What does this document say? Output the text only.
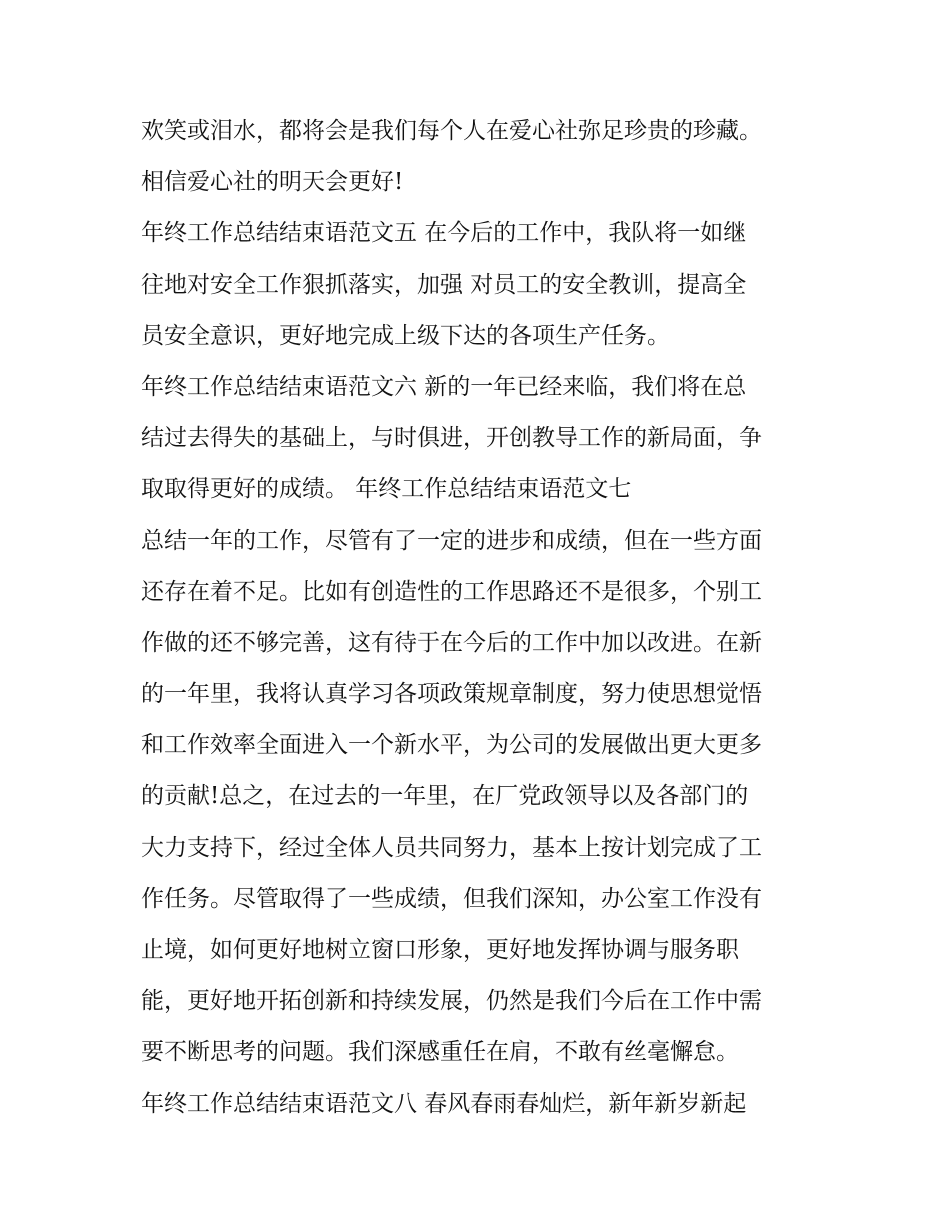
欢笑或泪水，都将会是我们每个人在爱心社弥足珍贵的珍藏。
相信爱心社的明天会更好!
年终工作总结结束语范文五 在今后的工作中，我队将一如继
往地对安全工作狠抓落实，加强 对员工的安全教训，提高全
员安全意识，更好地完成上级下达的各项生产任务。
年终工作总结结束语范文六 新的一年已经来临，我们将在总
结过去得失的基础上，与时俱进，开创教导工作的新局面，争
取取得更好的成绩。 年终工作总结结束语范文七
总结一年的工作，尽管有了一定的进步和成绩，但在一些方面
还存在着不足。比如有创造性的工作思路还不是很多，个别工
作做的还不够完善，这有待于在今后的工作中加以改进。在新
的一年里，我将认真学习各项政策规章制度，努力使思想觉悟
和工作效率全面进入一个新水平，为公司的发展做出更大更多
的贡献!总之，在过去的一年里，在厂党政领导以及各部门的
大力支持下，经过全体人员共同努力，基本上按计划完成了工
作任务。尽管取得了一些成绩，但我们深知，办公室工作没有
止境，如何更好地树立窗口形象，更好地发挥协调与服务职
能，更好地开拓创新和持续发展，仍然是我们今后在工作中需
要不断思考的问题。我们深感重任在肩，不敢有丝毫懈怠。
年终工作总结结束语范文八 春风春雨春灿烂，新年新岁新起
